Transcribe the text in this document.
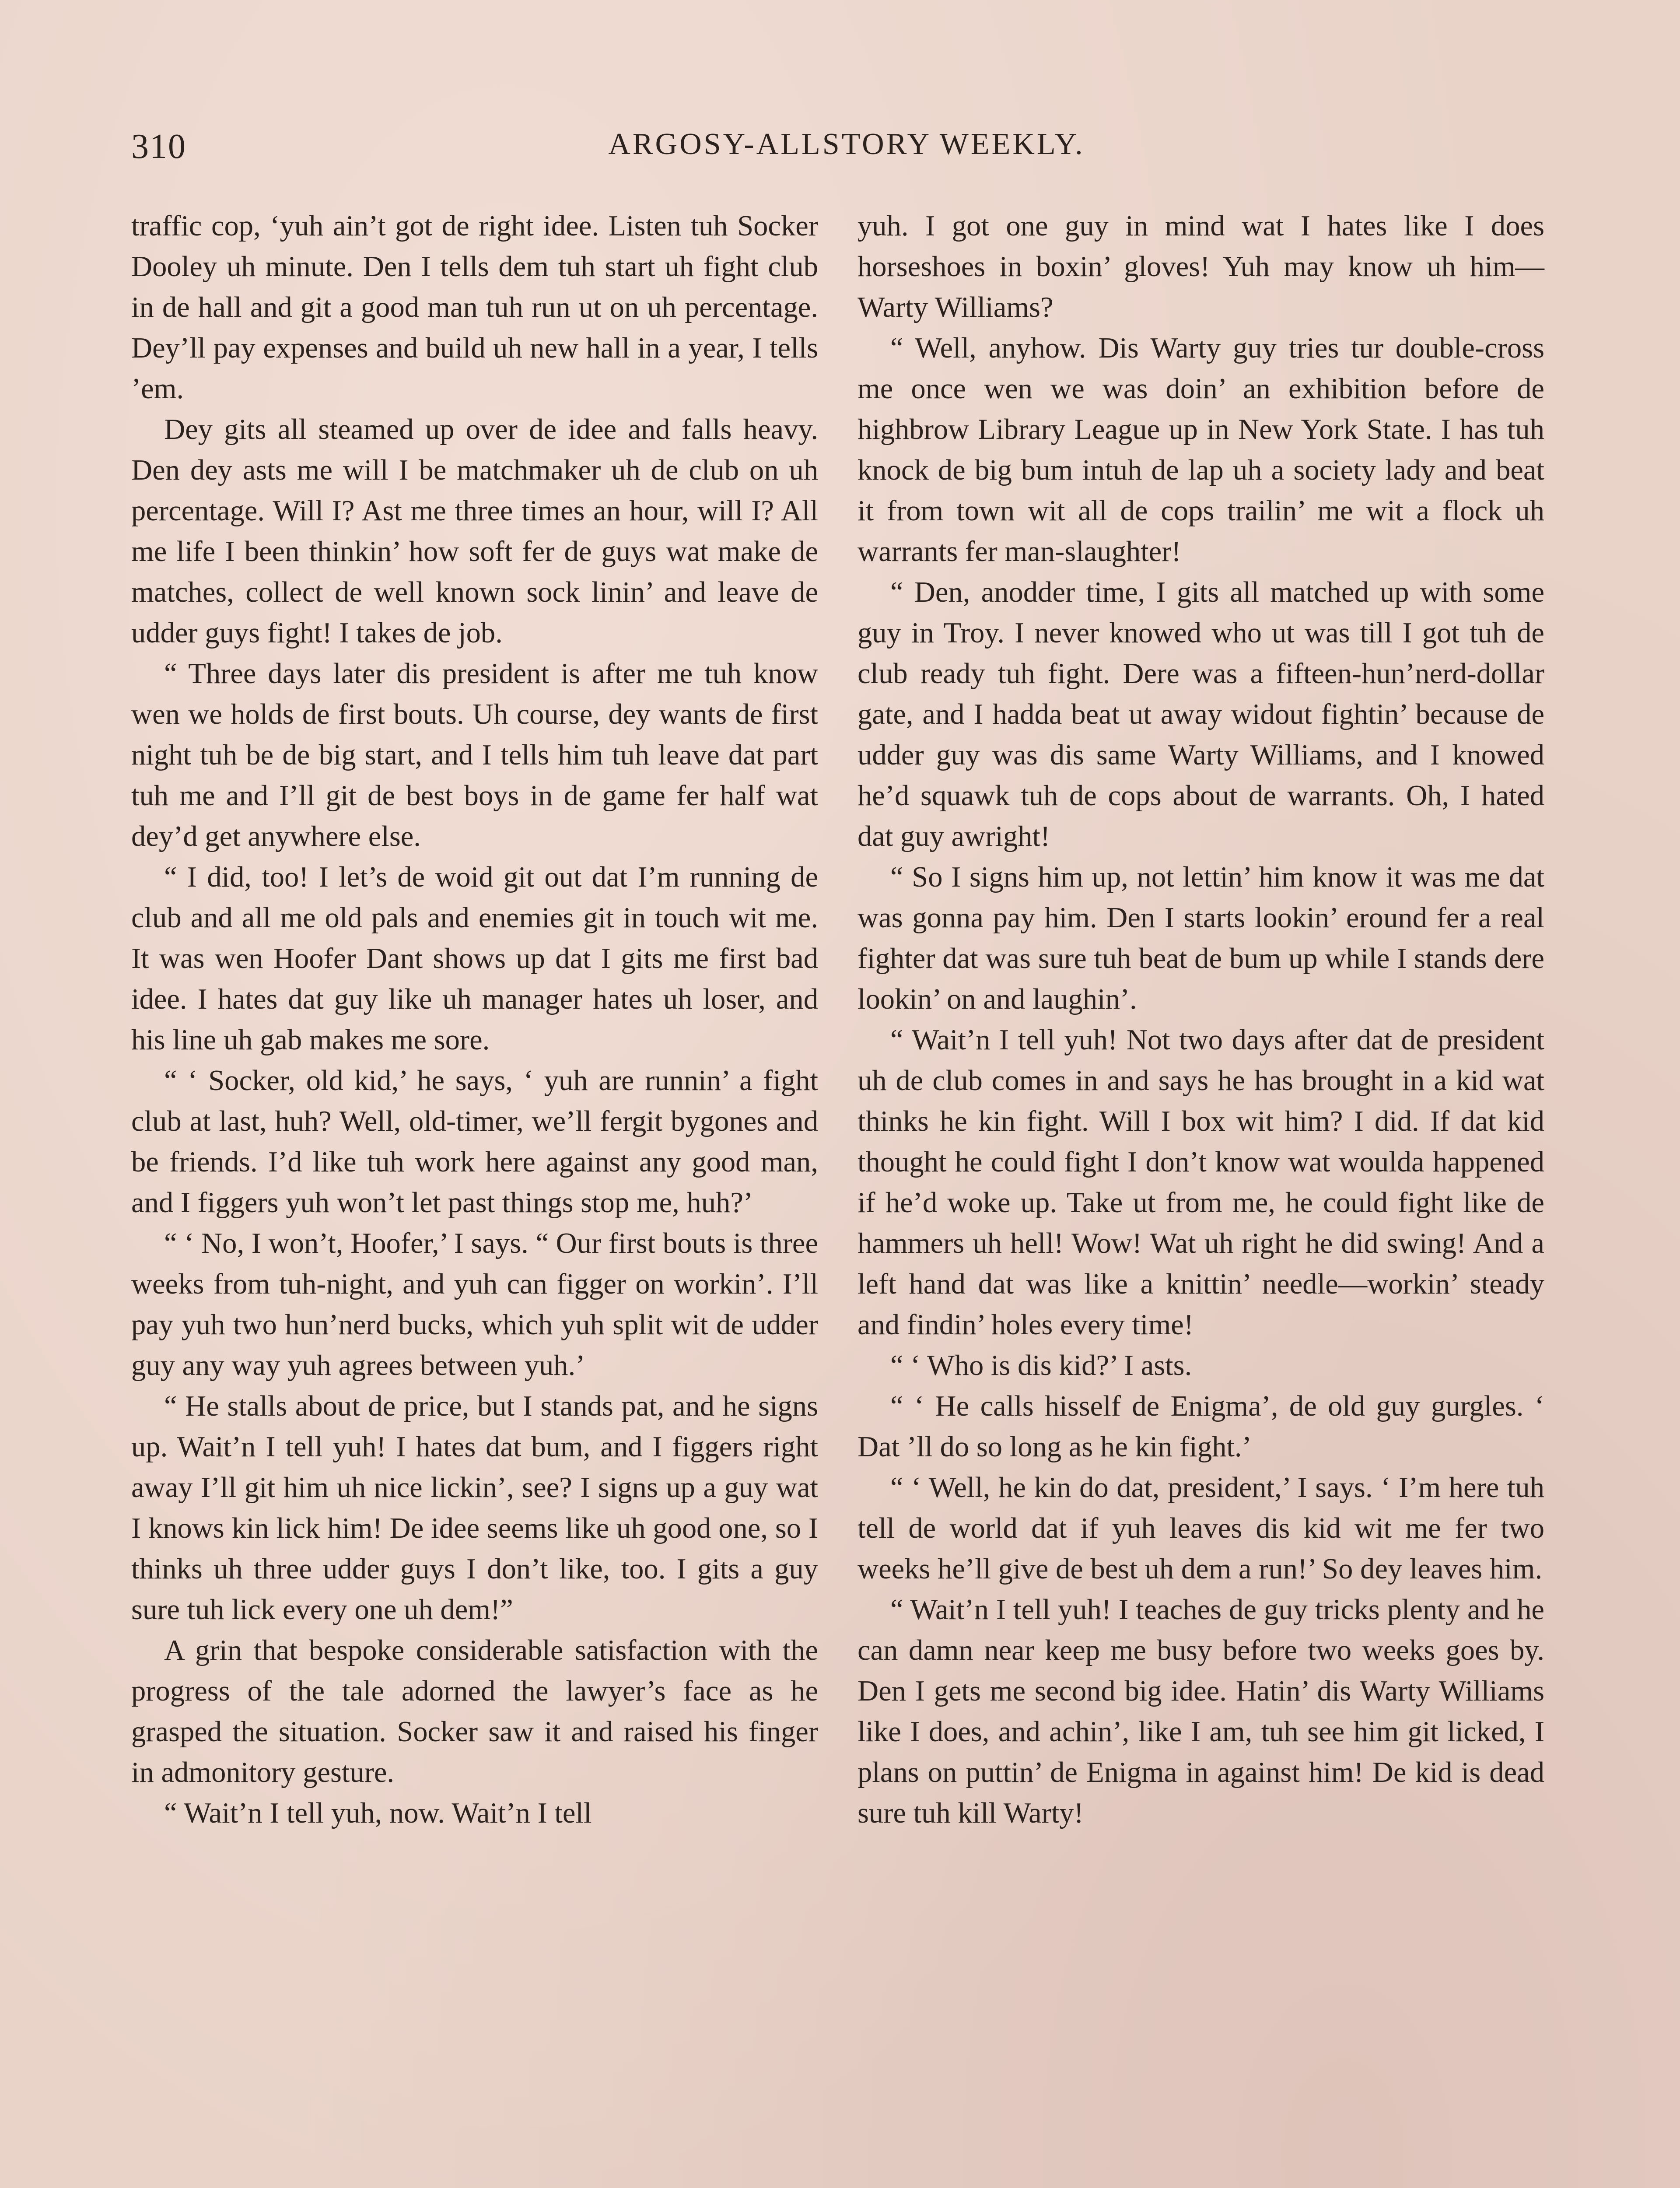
310	ARGOSY-ALLSTORY WEEKLY.

traffic cop, ‘yuh ain’t got de right idee. Listen tuh Socker Dooley uh minute. Den I tells dem tuh start uh fight club in de hall and git a good man tuh run ut on uh percentage. Dey’ll pay expenses and build uh new hall in a year, I tells ’em.

Dey gits all steamed up over de idee and falls heavy. Den dey asts me will I be matchmaker uh de club on uh percentage. Will I? Ast me three times an hour, will I? All me life I been thinkin’ how soft fer de guys wat make de matches, collect de well known sock linin’ and leave de udder guys fight! I takes de job.

“ Three days later dis president is after me tuh know wen we holds de first bouts. Uh course, dey wants de first night tuh be de big start, and I tells him tuh leave dat part tuh me and I’ll git de best boys in de game fer half wat dey’d get anywhere else.

“ I did, too! I let’s de woid git out dat I’m running de club and all me old pals and enemies git in touch wit me. It was wen Hoofer Dant shows up dat I gits me first bad idee. I hates dat guy like uh manager hates uh loser, and his line uh gab makes me sore.

“ ‘ Socker, old kid,’ he says, ‘ yuh are runnin’ a fight club at last, huh? Well, old-timer, we’ll fergit bygones and be friends. I’d like tuh work here against any good man, and I figgers yuh won’t let past things stop me, huh?’

“ ‘ No, I won’t, Hoofer,’ I says. “ Our first bouts is three weeks from tuh-night, and yuh can figger on workin’. I’ll pay yuh two hun’nerd bucks, which yuh split wit de udder guy any way yuh agrees between yuh.’

“ He stalls about de price, but I stands pat, and he signs up. Wait’n I tell yuh! I hates dat bum, and I figgers right away I’ll git him uh nice lickin’, see? I signs up a guy wat I knows kin lick him! De idee seems like uh good one, so I thinks uh three udder guys I don’t like, too. I gits a guy sure tuh lick every one uh dem!”

A grin that bespoke considerable satisfaction with the progress of the tale adorned the lawyer’s face as he grasped the situation. Socker saw it and raised his finger in admonitory gesture.

“ Wait’n I tell yuh, now. Wait’n I tell

yuh. I got one guy in mind wat I hates like I does horseshoes in boxin’ gloves! Yuh may know uh him—Warty Williams?

“ Well, anyhow. Dis Warty guy tries tur double-cross me once wen we was doin’ an exhibition before de highbrow Library League up in New York State. I has tuh knock de big bum intuh de lap uh a society lady and beat it from town wit all de cops trailin’ me wit a flock uh warrants fer man-slaughter!

“ Den, anodder time, I gits all matched up with some guy in Troy. I never knowed who ut was till I got tuh de club ready tuh fight. Dere was a fifteen-hun’nerd-dollar gate, and I hadda beat ut away widout fightin’ because de udder guy was dis same Warty Williams, and I knowed he’d squawk tuh de cops about de warrants. Oh, I hated dat guy awright!

“ So I signs him up, not lettin’ him know it was me dat was gonna pay him. Den I starts lookin’ eround fer a real fighter dat was sure tuh beat de bum up while I stands dere lookin’ on and laughin’.

“ Wait’n I tell yuh! Not two days after dat de president uh de club comes in and says he has brought in a kid wat thinks he kin fight. Will I box wit him? I did. If dat kid thought he could fight I don’t know wat woulda happened if he’d woke up. Take ut from me, he could fight like de hammers uh hell! Wow! Wat uh right he did swing! And a left hand dat was like a knittin’ needle—workin’ steady and findin’ holes every time!

“ ‘ Who is dis kid?’ I asts.

“ ‘ He calls hisself de Enigma’, de old guy gurgles. ‘ Dat ’ll do so long as he kin fight.’

“ ‘ Well, he kin do dat, president,’ I says. ‘ I’m here tuh tell de world dat if yuh leaves dis kid wit me fer two weeks he’ll give de best uh dem a run!’ So dey leaves him.

“ Wait’n I tell yuh! I teaches de guy tricks plenty and he can damn near keep me busy before two weeks goes by. Den I gets me second big idee. Hatin’ dis Warty Williams like I does, and achin’, like I am, tuh see him git licked, I plans on puttin’ de Enigma in against him! De kid is dead sure tuh kill Warty!
